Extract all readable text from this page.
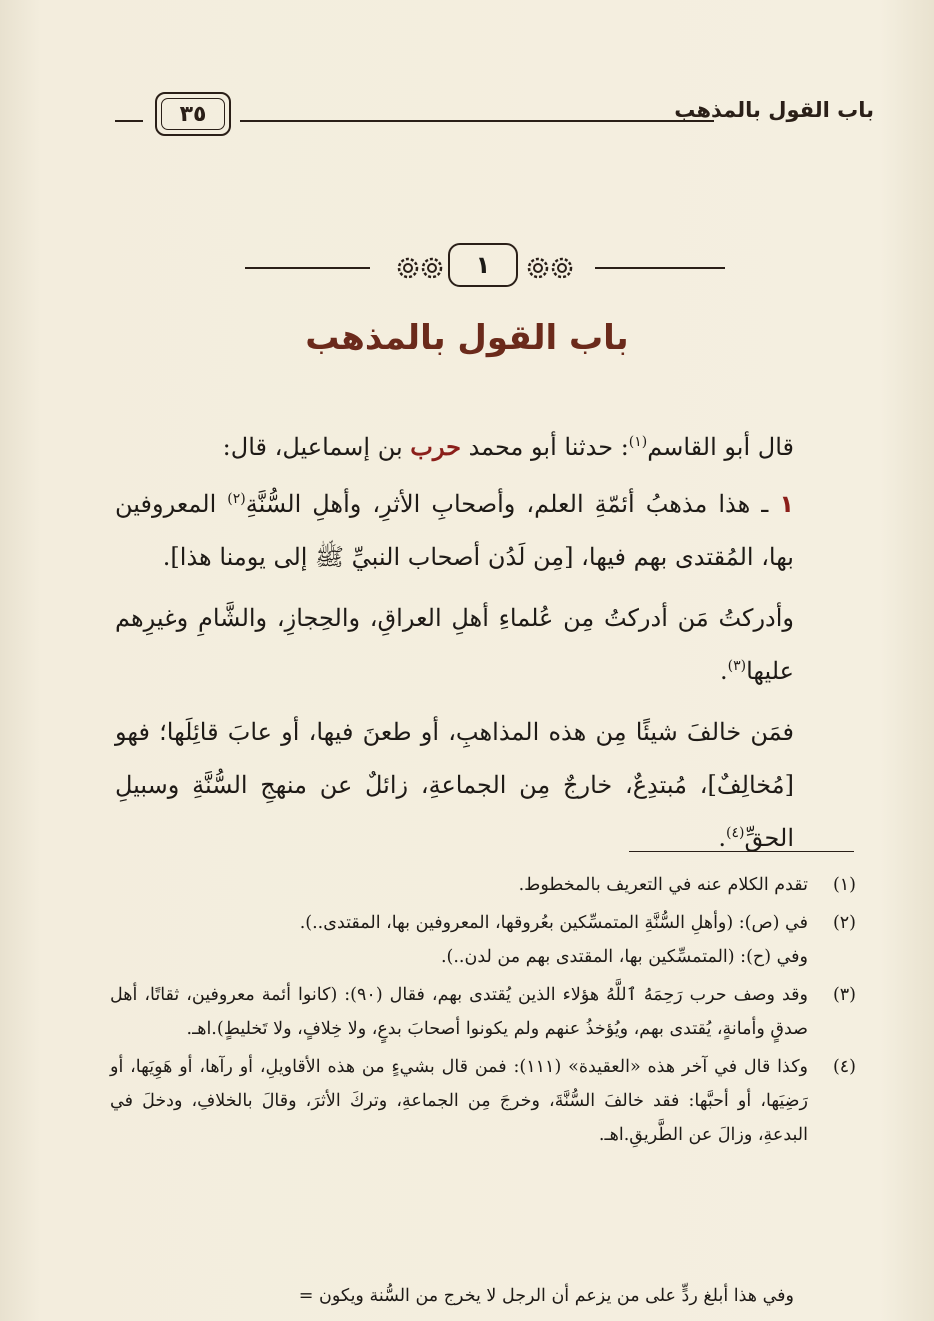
باب القول بالمذهب
٣٥
١
باب القول بالمذهب

قال أبو القاسم$^{(١)}$: حدثنا أبو محمد حرب بن إسماعيل، قال:

١ ـ هذا مذهبُ أئمّةِ العلم، وأصحابِ الأثرِ، وأهلِ السُّنَّةِ$^{(٢)}$ المعروفين بها، المُقتدى بهم فيها، [مِن لَدُن أصحاب النبيِّ ﷺ إلى يومنا هذا].

وأدركتُ مَن أدركتُ مِن عُلماءِ أهلِ العراقِ، والحِجازِ، والشَّامِ وغيرِهم عليها$^{(٣)}$.

فمَن خالفَ شيئًا مِن هذه المذاهبِ، أو طعنَ فيها، أو عابَ قائِلَها؛ فهو [مُخالِفٌ]، مُبتدِعٌ، خارجٌ مِن الجماعةِ، زائلٌ عن منهجِ السُّنَّةِ وسبيلِ الحقِّ$^{(٤)}$.

(١)
تقدم الكلام عنه في التعريف بالمخطوط.
(٢)
في (ص): (وأهلِ السُّنَّةِ المتمسِّكين بعُروقها، المعروفين بها، المقتدى..).
وفي (ح): (المتمسِّكين بها، المقتدى بهم من لدن..).
(٣)
وقد وصف حرب رَحِمَهُ ٱللَّهُ هؤلاء الذين يُقتدى بهم، فقال (٩٠): (كانوا أئمة معروفين، ثقاتًا، أهل صدقٍ وأمانةٍ، يُقتدى بهم، ويُؤخذُ عنهم ولم يكونوا أصحابَ بدعٍ، ولا خِلافٍ، ولا تَخليطٍ).اهـ.
(٤)
وكذا قال في آخر هذه «العقيدة» (١١١): فمن قال بشيءٍ من هذه الأقاويلِ، أو رآها، أو هَوِيَها، أو رَضِيَها، أو أحبَّها: فقد خالفَ السُّنَّةَ، وخرجَ مِن الجماعةِ، وتركَ الأثرَ، وقالَ بالخلافِ، ودخلَ في البدعةِ، وزالَ عن الطَّريقِ.اهـ.
وفي هذا أبلغ ردٍّ على من يزعم أن الرجل لا يخرج من السُّنة ويكون =
